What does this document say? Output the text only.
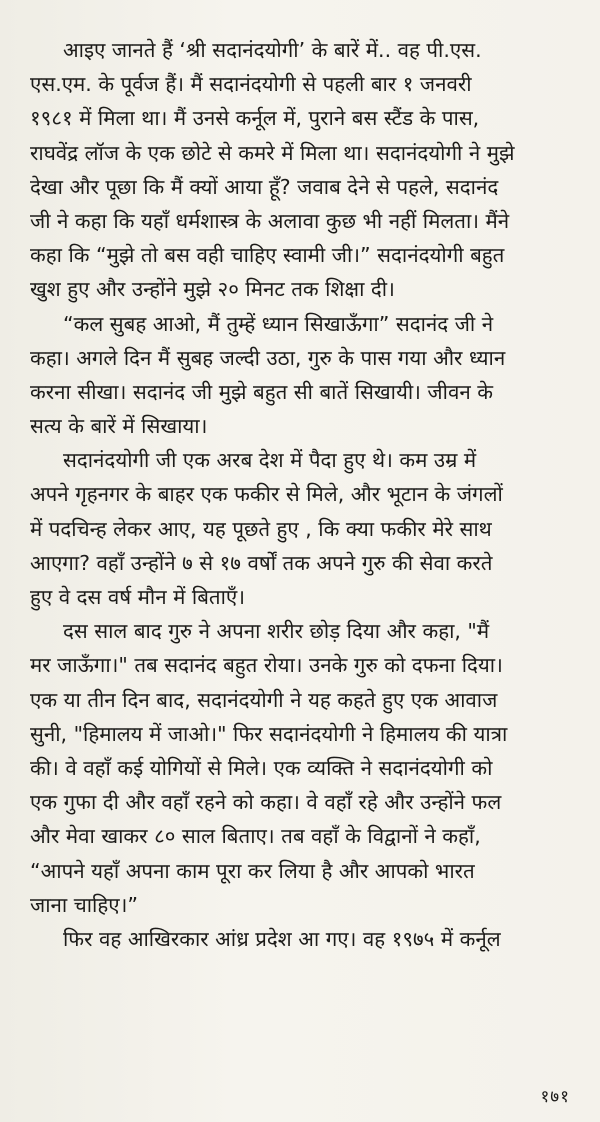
आइए जानते हैं ‘श्री सदानंदयोगी’ के बारें में.. वह पी.एस.
एस.एम. के पूर्वज हैं। मैं सदानंदयोगी से पहली बार १ जनवरी
१९८१ में मिला था। मैं उनसे कर्नूल में, पुराने बस स्टैंड के पास,
राघवेंद्र लॉज के एक छोटे से कमरे में मिला था। सदानंदयोगी ने मुझे
देखा और पूछा कि मैं क्यों आया हूँ? जवाब देने से पहले, सदानंद
जी ने कहा कि यहाँ धर्मशास्त्र के अलावा कुछ भी नहीं मिलता। मैंने
कहा कि “मुझे तो बस वही चाहिए स्वामी जी।” सदानंदयोगी बहुत
खुश हुए और उन्होंने मुझे २० मिनट तक शिक्षा दी।
“कल सुबह आओ, मैं तुम्हें ध्यान सिखाऊँगा” सदानंद जी ने
कहा। अगले दिन मैं सुबह जल्दी उठा, गुरु के पास गया और ध्यान
करना सीखा। सदानंद जी मुझे बहुत सी बातें सिखायी। जीवन के
सत्य के बारें में सिखाया।
सदानंदयोगी जी एक अरब देश में पैदा हुए थे। कम उम्र में
अपने गृहनगर के बाहर एक फकीर से मिले, और भूटान के जंगलों
में पदचिन्ह लेकर आए, यह पूछते हुए , कि क्या फकीर मेरे साथ
आएगा? वहाँ उन्होंने ७ से १७ वर्षों तक अपने गुरु की सेवा करते
हुए वे दस वर्ष मौन में बिताएँ।
दस साल बाद गुरु ने अपना शरीर छोड़ दिया और कहा, "मैं
मर जाऊँगा।" तब सदानंद बहुत रोया। उनके गुरु को दफना दिया।
एक या तीन दिन बाद, सदानंदयोगी ने यह कहते हुए एक आवाज
सुनी, "हिमालय में जाओ।" फिर सदानंदयोगी ने हिमालय की यात्रा
की। वे वहाँ कई योगियों से मिले। एक व्यक्ति ने सदानंदयोगी को
एक गुफा दी और वहाँ रहने को कहा। वे वहाँ रहे और उन्होंने फल
और मेवा खाकर ८० साल बिताए। तब वहाँ के विद्वानों ने कहाँ,
“आपने यहाँ अपना काम पूरा कर लिया है और आपको भारत
जाना चाहिए।”
फिर वह आखिरकार आंध्र प्रदेश आ गए। वह १९७५ में कर्नूल
१७१
